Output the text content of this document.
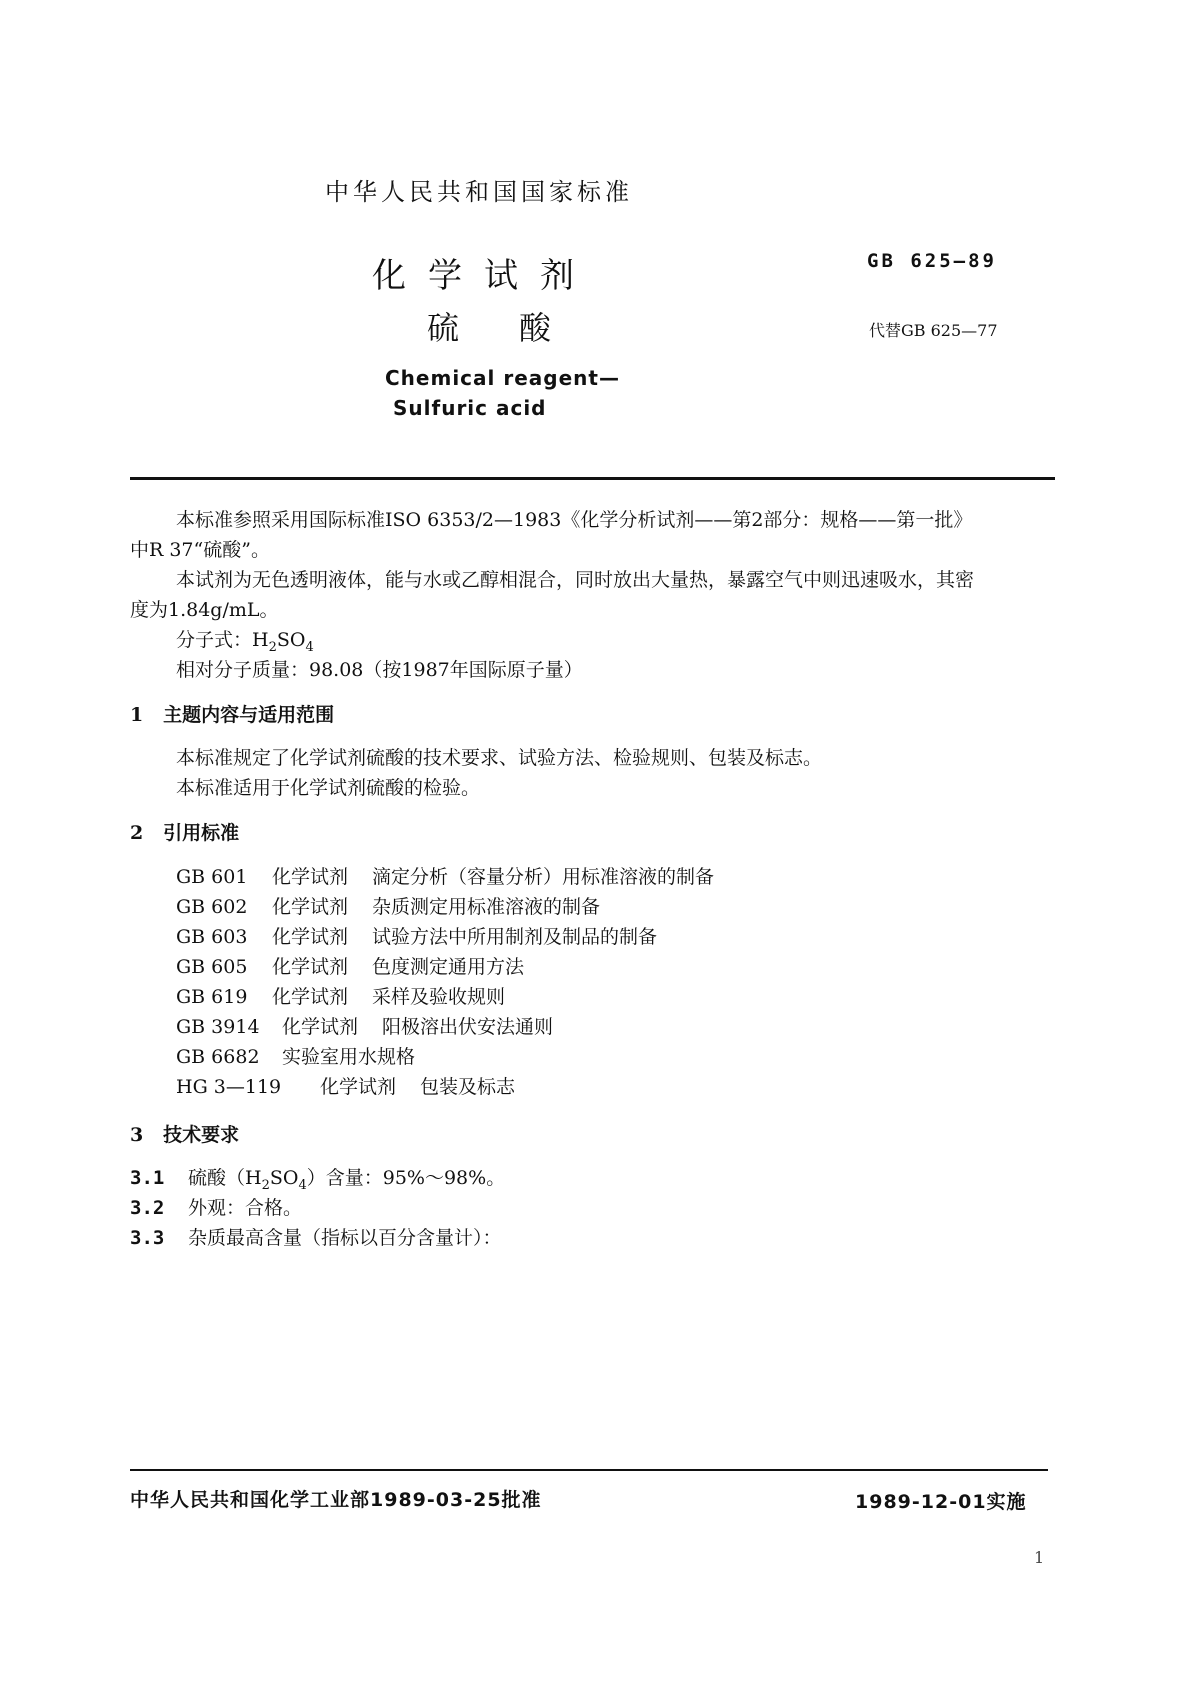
中华人民共和国国家标准
化学试剂
硫酸
Chemical reagent—
Sulfuric acid
GB 625—89
代替GB 625—77
本标准参照采用国际标准ISO 6353/2—1983《化学分析试剂——第2部分：规格——第一批》
中R 37“硫酸”。
本试剂为无色透明液体，能与水或乙醇相混合，同时放出大量热，暴露空气中则迅速吸水，其密
度为1.84g/mL。
分子式：$H_2SO_4$
相对分子质量：98.08（按1987年国际原子量）
1 主题内容与适用范围
本标准规定了化学试剂硫酸的技术要求、试验方法、检验规则、包装及标志。
本标准适用于化学试剂硫酸的检验。
2 引用标准
GB 601 化学试剂 滴定分析（容量分析）用标准溶液的制备
GB 602 化学试剂 杂质测定用标准溶液的制备
GB 603 化学试剂 试验方法中所用制剂及制品的制备
GB 605 化学试剂 色度测定通用方法
GB 619 化学试剂 采样及验收规则
GB 3914 化学试剂 阳极溶出伏安法通则
GB 6682 实验室用水规格
HG 3—119 化学试剂 包装及标志
3 技术要求
3.1 硫酸$(H_2SO_4)$含量：95%～98%。
3.2 外观：合格。
3.3 杂质最高含量（指标以百分含量计）：
中华人民共和国化学工业部1989-03-25批准	1989-12-01实施
1
